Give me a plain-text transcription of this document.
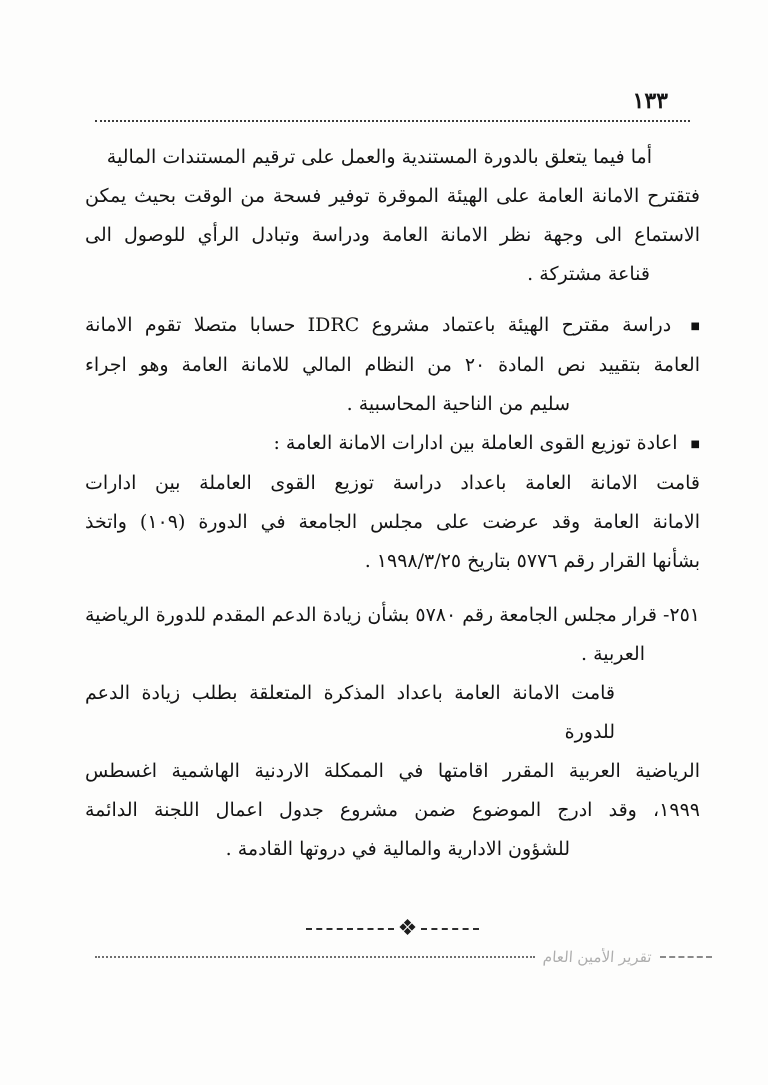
١٣٣
أما فيما يتعلق بالدورة المستندية والعمل على ترقيم المستندات المالية
فتقترح الامانة العامة على الهيئة الموقرة توفير فسحة من الوقت بحيث يمكن
الاستماع الى وجهة نظر الامانة العامة ودراسة وتبادل الرأي للوصول الى
قناعة مشتركة .
■ دراسة مقترح الهيئة باعتماد مشروع IDRC حسابا متصلا تقوم الامانة
العامة بتقييد نص المادة ٢٠ من النظام المالي للامانة العامة وهو اجراء
سليم من الناحية المحاسبية .
■ اعادة توزيع القوى العاملة بين ادارات الامانة العامة :
قامت الامانة العامة باعداد دراسة توزيع القوى العاملة بين ادارات
الامانة العامة وقد عرضت على مجلس الجامعة في الدورة (١٠٩) واتخذ
بشأنها القرار رقم ٥٧٧٦ بتاريخ ١٩٩٨/٣/٢٥ .
٢٥١- قرار مجلس الجامعة رقم ٥٧٨٠ بشأن زيادة الدعم المقدم للدورة الرياضية
العربية .
قامت الامانة العامة باعداد المذكرة المتعلقة بطلب زيادة الدعم للدورة
الرياضية العربية المقرر اقامتها في الممكلة الاردنية الهاشمية اغسطس
١٩٩٩، وقد ادرج الموضوع ضمن مشروع جدول اعمال اللجنة الدائمة
للشؤون الادارية والمالية في دروتها القادمة .
❖
تقرير الأمين العام
